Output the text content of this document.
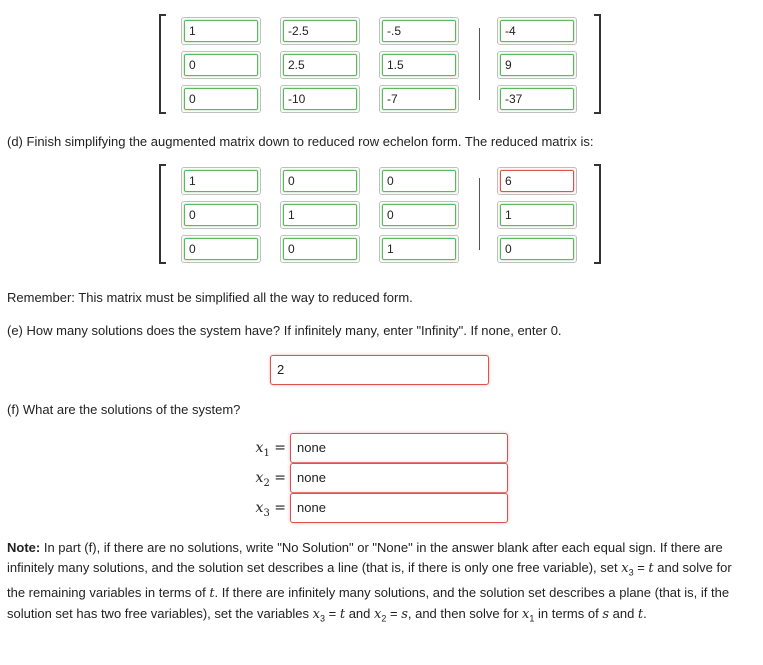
1	-2.5	-.5	-4
0	2.5	1.5	9
0	-10	-7	-37
(d) Finish simplifying the augmented matrix down to reduced row echelon form. The reduced matrix is:
1	0	0	6
0	1	0	1
0	0	1	0
Remember: This matrix must be simplified all the way to reduced form.
(e) How many solutions does the system have? If infinitely many, enter "Infinity". If none, enter 0.
2
(f) What are the solutions of the system?
$x_1$ = none
$x_2$ = none
$x_3$ = none
Note: In part (f), if there are no solutions, write "No Solution" or "None" in the answer blank after each equal sign. If there are infinitely many solutions, and the solution set describes a line (that is, if there is only one free variable), set $x_3 = t$ and solve for the remaining variables in terms of t. If there are infinitely many solutions, and the solution set describes a plane (that is, if the solution set has two free variables), set the variables $x_3 = t$ and $x_2 = s$, and then solve for $x_1$ in terms of s and t.
